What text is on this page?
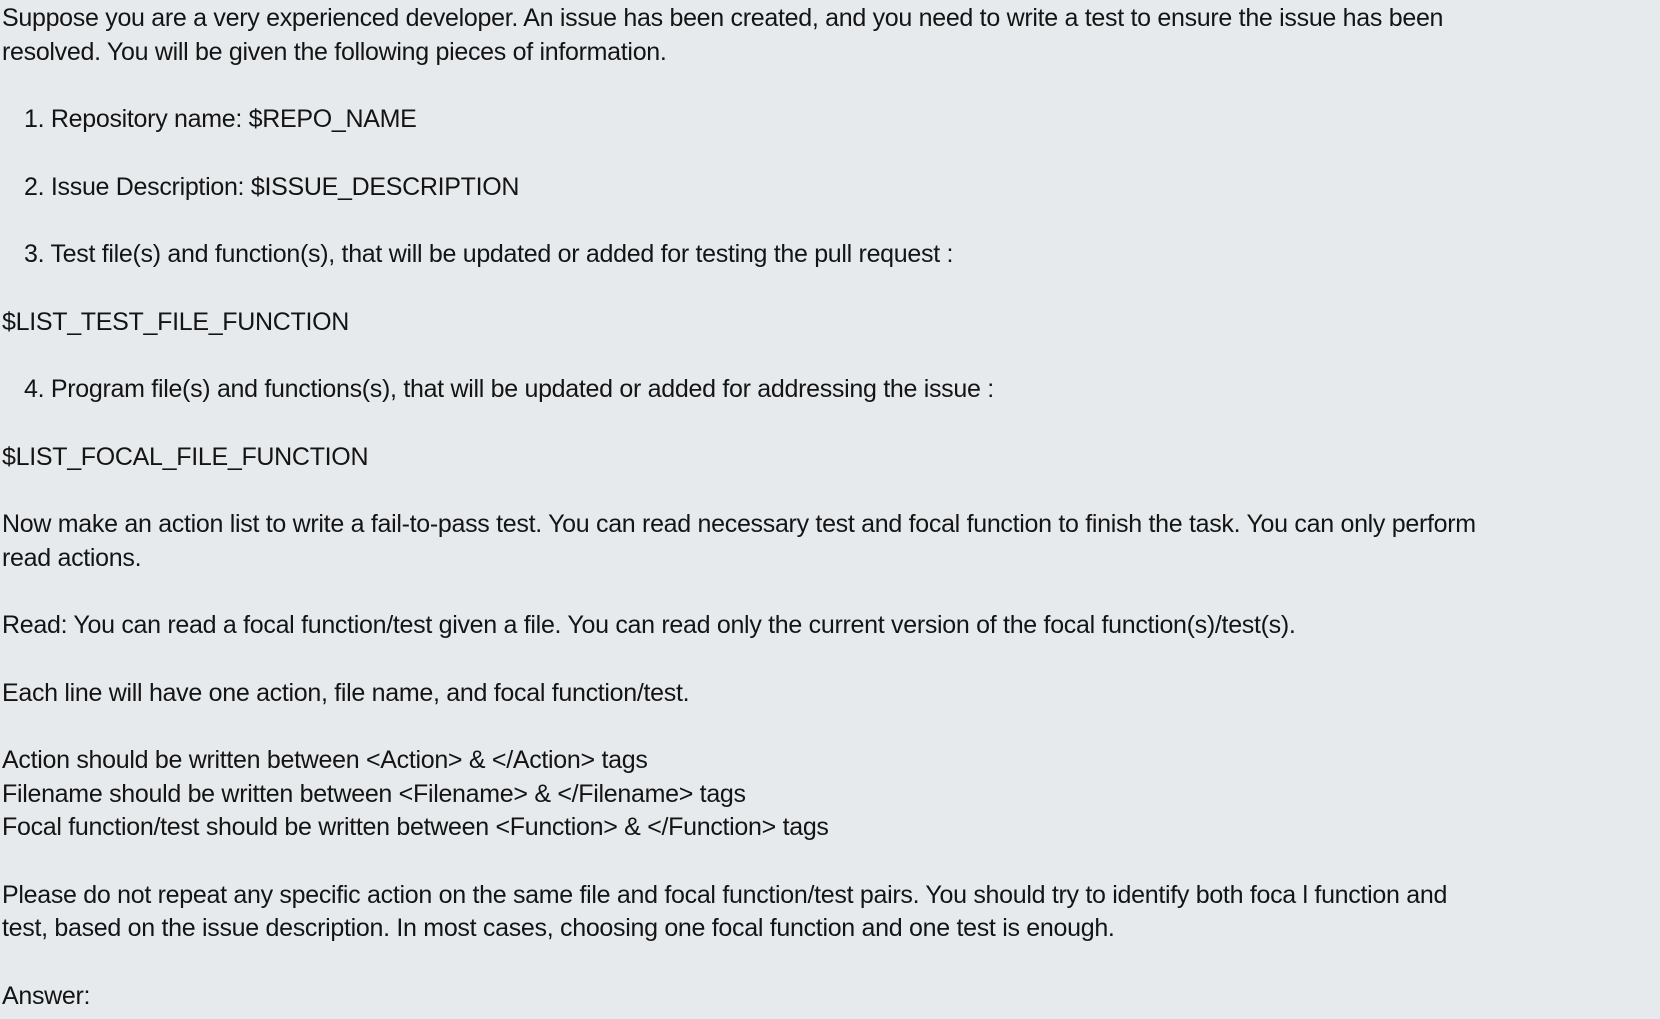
Suppose you are a very experienced developer. An issue has been created, and you need to write a test to ensure the issue has been

resolved. You will be given the following pieces of information.

1. Repository name: $REPO_NAME

2. Issue Description: $ISSUE_DESCRIPTION

3. Test file(s) and function(s), that will be updated or added for testing the pull request :

$LIST_TEST_FILE_FUNCTION

4. Program file(s) and functions(s), that will be updated or added for addressing the issue :

$LIST_FOCAL_FILE_FUNCTION

Now make an action list to write a fail-to-pass test. You can read necessary test and focal function to finish the task. You can only perform

read actions.

Read: You can read a focal function/test given a file. You can read only the current version of the focal function(s)/test(s).

Each line will have one action, file name, and focal function/test.

Action should be written between <Action> & </Action> tags

Filename should be written between <Filename> & </Filename> tags

Focal function/test should be written between <Function> & </Function> tags

Please do not repeat any specific action on the same file and focal function/test pairs. You should try to identify both foca l function and

test, based on the issue description. In most cases, choosing one focal function and one test is enough.

Answer:
